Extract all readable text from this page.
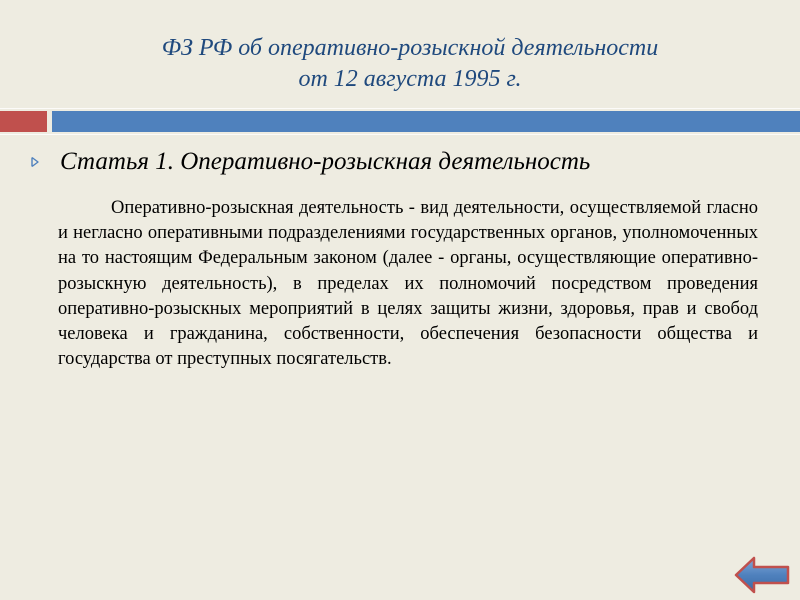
ФЗ РФ об оперативно-розыскной деятельности
от 12 августа 1995 г.
Статья 1. Оперативно-розыскная деятельность

Оперативно-розыскная деятельность - вид деятельности, осуществляемой гласно и негласно оперативными подразделениями государственных органов, уполномоченных на то настоящим Федеральным законом (далее - органы, осуществляющие оперативно-розыскную деятельность), в пределах их полномочий посредством проведения оперативно-розыскных мероприятий в целях защиты жизни, здоровья, прав и свобод человека и гражданина, собственности, обеспечения безопасности общества и государства от преступных посягательств.
